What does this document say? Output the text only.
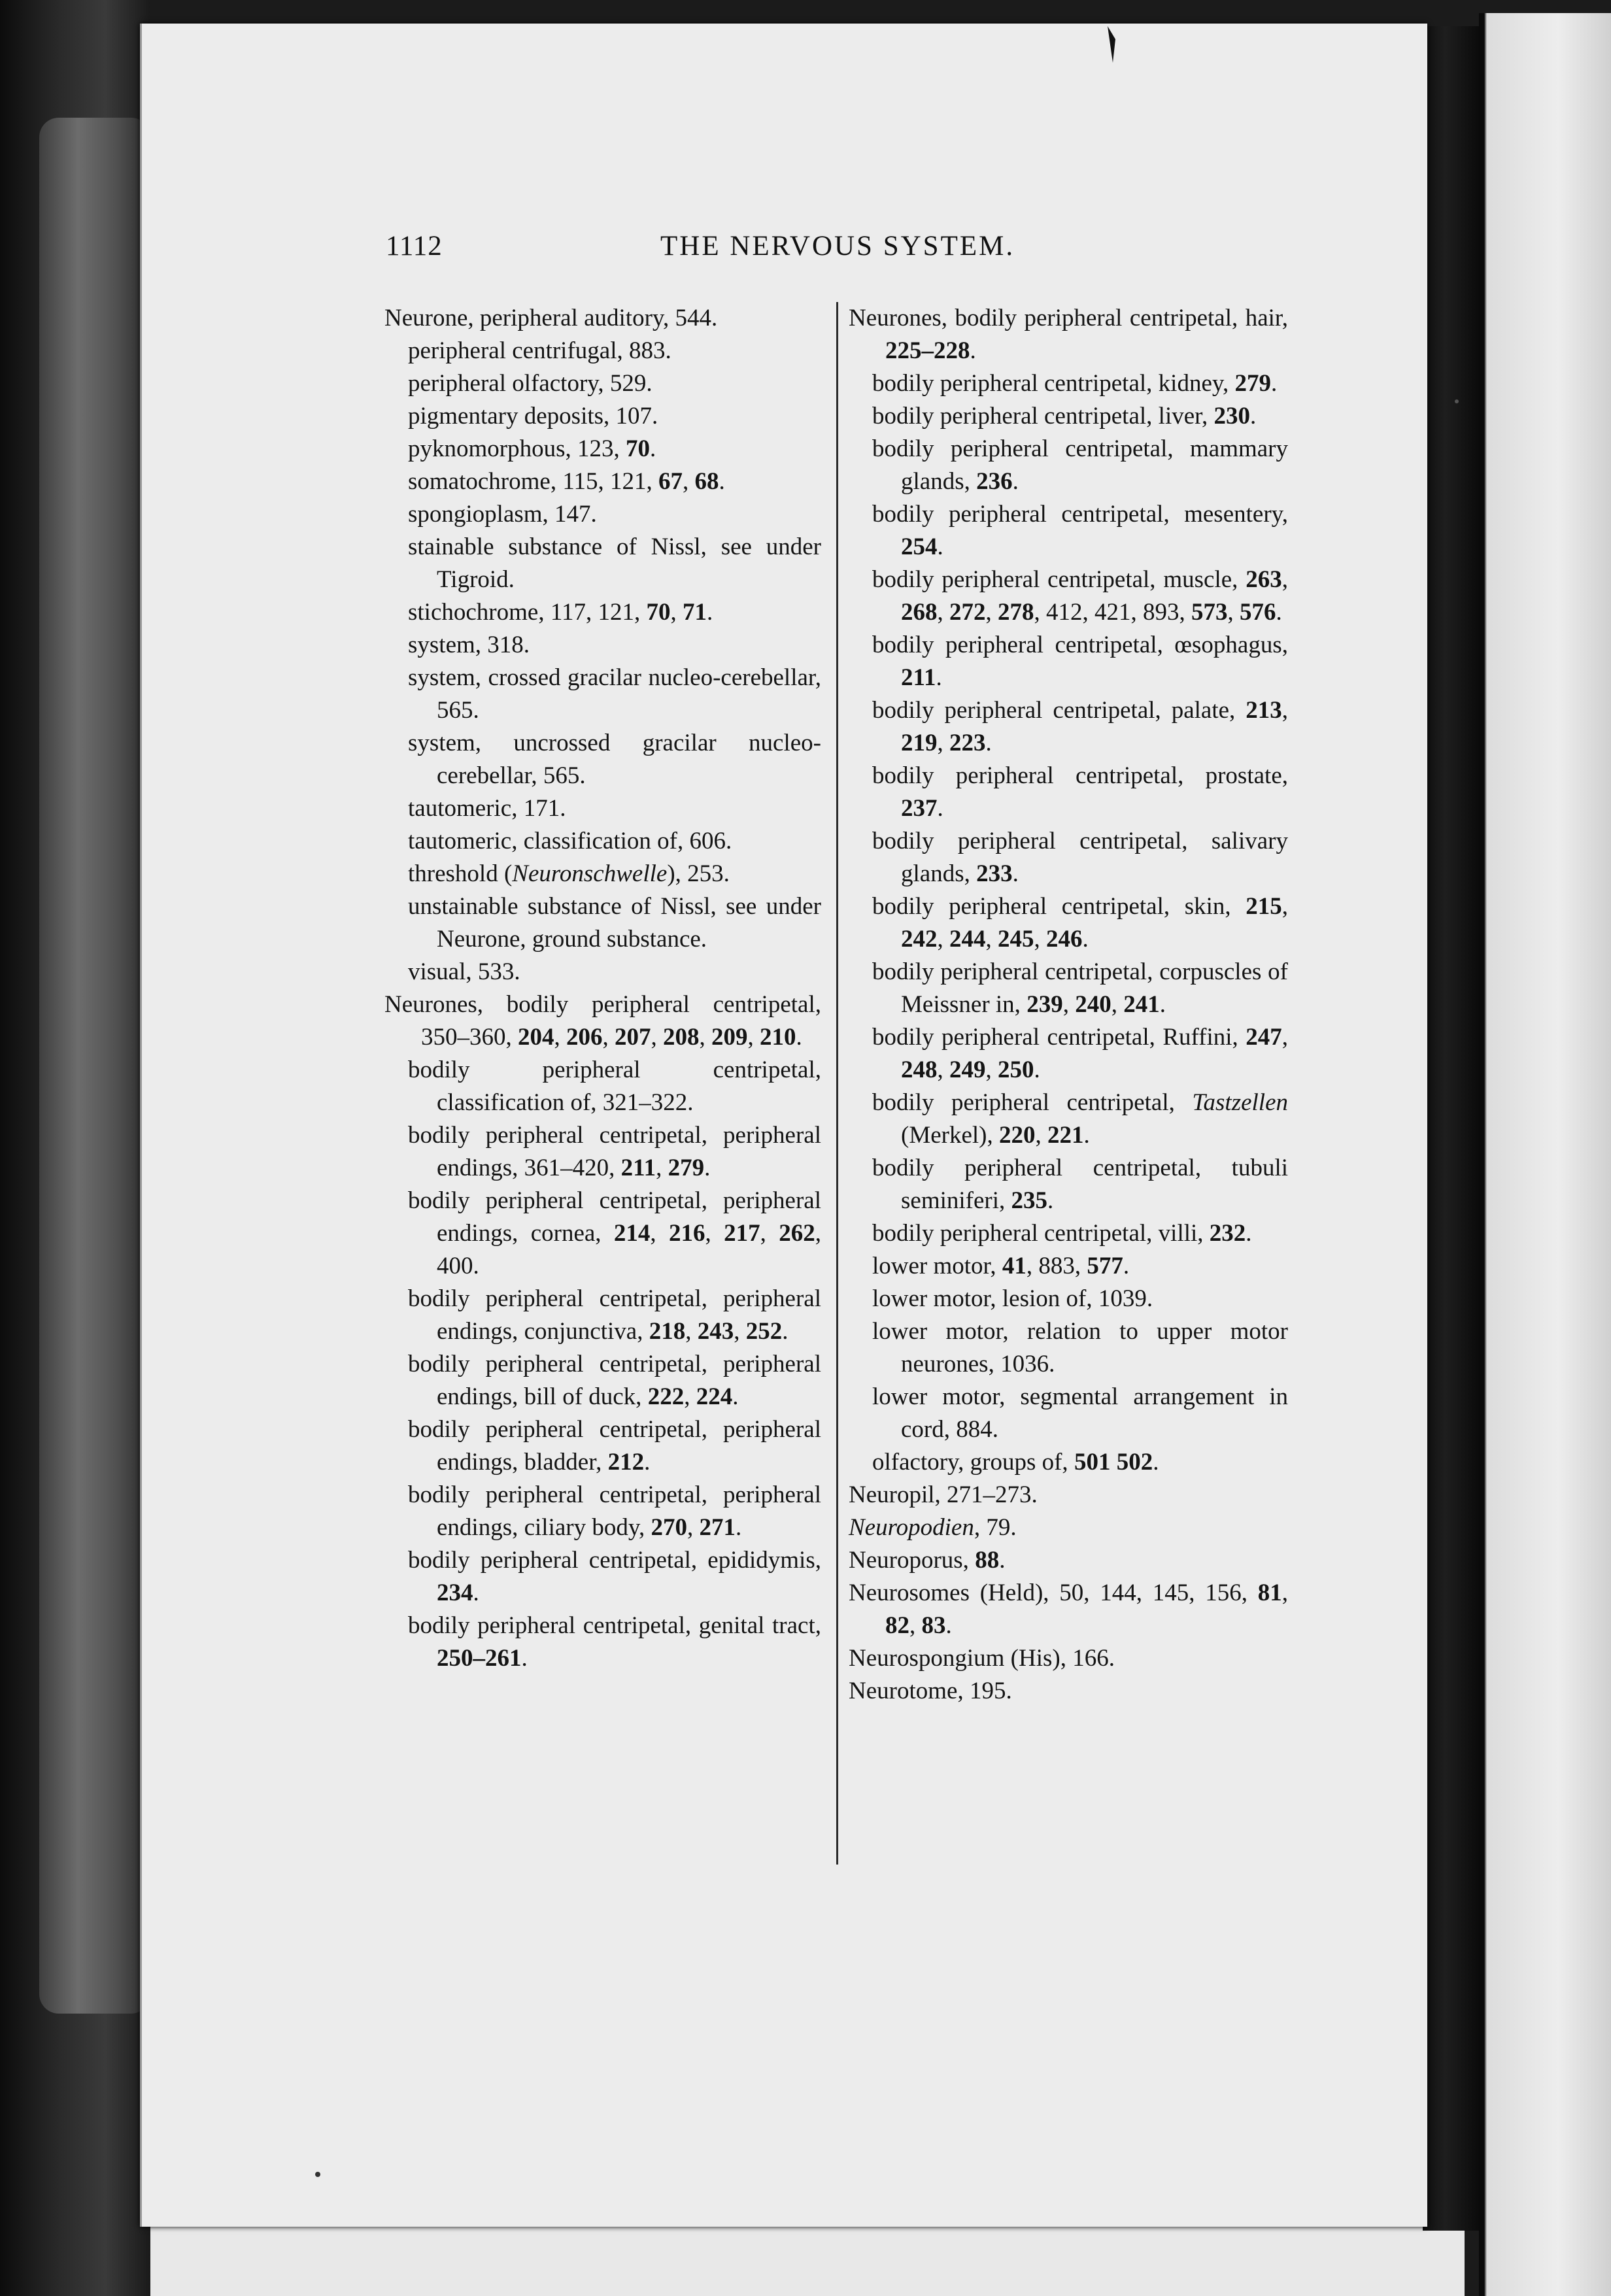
1112	THE NERVOUS SYSTEM.
Neurone, peripheral auditory, 544.
peripheral centrifugal, 883.
peripheral olfactory, 529.
pigmentary deposits, 107.
pyknomorphous, 123, 70.
somatochrome, 115, 121, 67, 68.
spongioplasm, 147.
stainable substance of Nissl, see under Tigroid.
stichochrome, 117, 121, 70, 71.
system, 318.
system, crossed gracilar nucleo-cerebellar, 565.
system, uncrossed gracilar nucleo-cerebellar, 565.
tautomeric, 171.
tautomeric, classification of, 606.
threshold (Neuronschwelle), 253.
unstainable substance of Nissl, see under Neurone, ground substance.
visual, 533.
Neurones, bodily peripheral centripetal, 350–360, 204, 206, 207, 208, 209, 210.
bodily peripheral centripetal, classification of, 321–322.
bodily peripheral centripetal, peripheral endings, 361–420, 211, 279.
bodily peripheral centripetal, peripheral endings, cornea, 214, 216, 217, 262, 400.
bodily peripheral centripetal, peripheral endings, conjunctiva, 218, 243, 252.
bodily peripheral centripetal, peripheral endings, bill of duck, 222, 224.
bodily peripheral centripetal, peripheral endings, bladder, 212.
bodily peripheral centripetal, peripheral endings, ciliary body, 270, 271.
bodily peripheral centripetal, epididymis, 234.
bodily peripheral centripetal, genital tract, 250–261.
Neurones, bodily peripheral centripetal, hair, 225–228.
bodily peripheral centripetal, kidney, 279.
bodily peripheral centripetal, liver, 230.
bodily peripheral centripetal, mammary glands, 236.
bodily peripheral centripetal, mesentery, 254.
bodily peripheral centripetal, muscle, 263, 268, 272, 278, 412, 421, 893, 573, 576.
bodily peripheral centripetal, œsophagus, 211.
bodily peripheral centripetal, palate, 213, 219, 223.
bodily peripheral centripetal, prostate, 237.
bodily peripheral centripetal, salivary glands, 233.
bodily peripheral centripetal, skin, 215, 242, 244, 245, 246.
bodily peripheral centripetal, corpuscles of Meissner in, 239, 240, 241.
bodily peripheral centripetal, Ruffini, 247, 248, 249, 250.
bodily peripheral centripetal, Tastzellen (Merkel), 220, 221.
bodily peripheral centripetal, tubuli seminiferi, 235.
bodily peripheral centripetal, villi, 232.
lower motor, 41, 883, 577.
lower motor, lesion of, 1039.
lower motor, relation to upper motor neurones, 1036.
lower motor, segmental arrangement in cord, 884.
olfactory, groups of, 501 502.
Neuropil, 271–273.
Neuropodien, 79.
Neuroporus, 88.
Neurosomes (Held), 50, 144, 145, 156, 81, 82, 83.
Neurospongium (His), 166.
Neurotome, 195.
